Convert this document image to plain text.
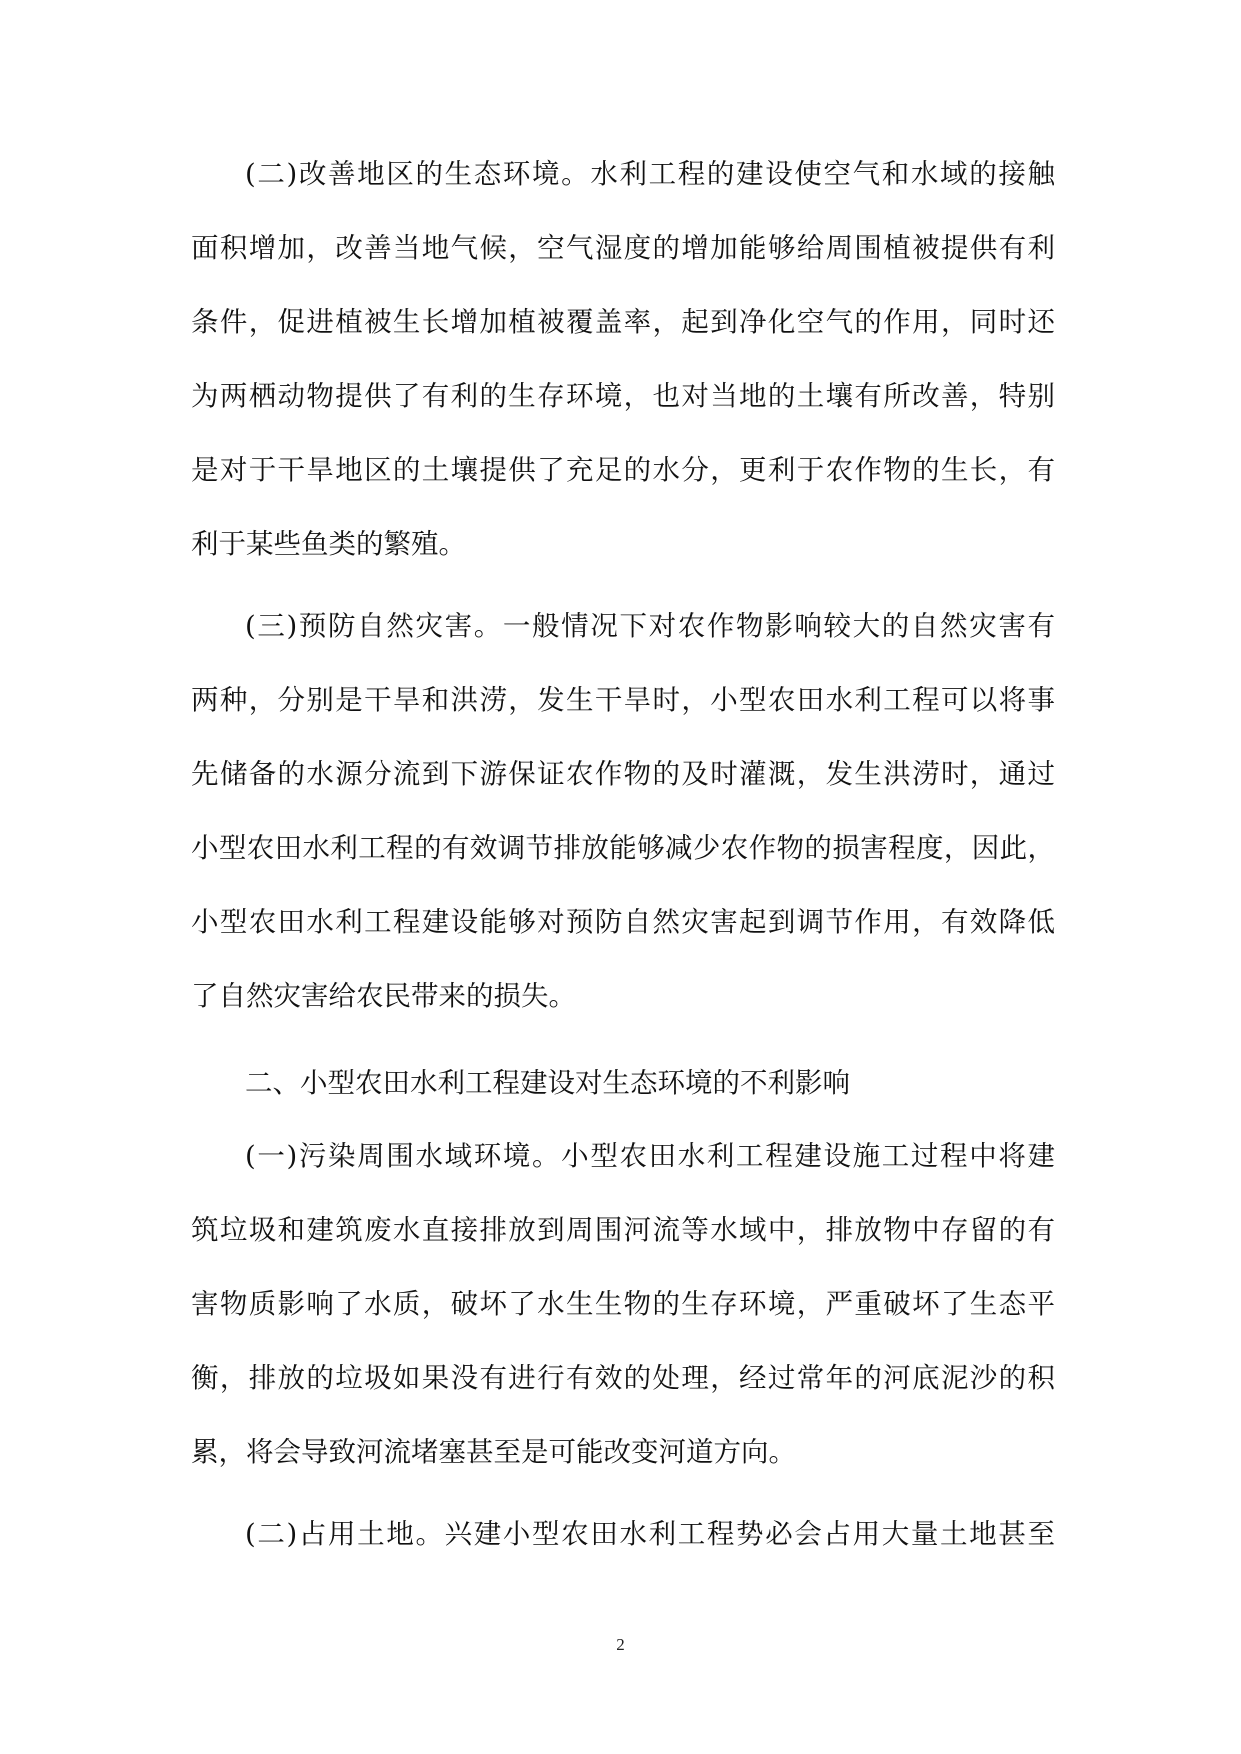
(二)改善地区的生态环境。水利工程的建设使空气和水域的接触
面积增加，改善当地气候，空气湿度的增加能够给周围植被提供有利
条件，促进植被生长增加植被覆盖率，起到净化空气的作用，同时还
为两栖动物提供了有利的生存环境，也对当地的土壤有所改善，特别
是对于干旱地区的土壤提供了充足的水分，更利于农作物的生长，有
利于某些鱼类的繁殖。
(三)预防自然灾害。一般情况下对农作物影响较大的自然灾害有
两种，分别是干旱和洪涝，发生干旱时，小型农田水利工程可以将事
先储备的水源分流到下游保证农作物的及时灌溉，发生洪涝时，通过
小型农田水利工程的有效调节排放能够减少农作物的损害程度，因此，
小型农田水利工程建设能够对预防自然灾害起到调节作用，有效降低
了自然灾害给农民带来的损失。
二、小型农田水利工程建设对生态环境的不利影响
(一)污染周围水域环境。小型农田水利工程建设施工过程中将建
筑垃圾和建筑废水直接排放到周围河流等水域中，排放物中存留的有
害物质影响了水质，破坏了水生生物的生存环境，严重破坏了生态平
衡，排放的垃圾如果没有进行有效的处理，经过常年的河底泥沙的积
累，将会导致河流堵塞甚至是可能改变河道方向。
(二)占用土地。兴建小型农田水利工程势必会占用大量土地甚至
2
